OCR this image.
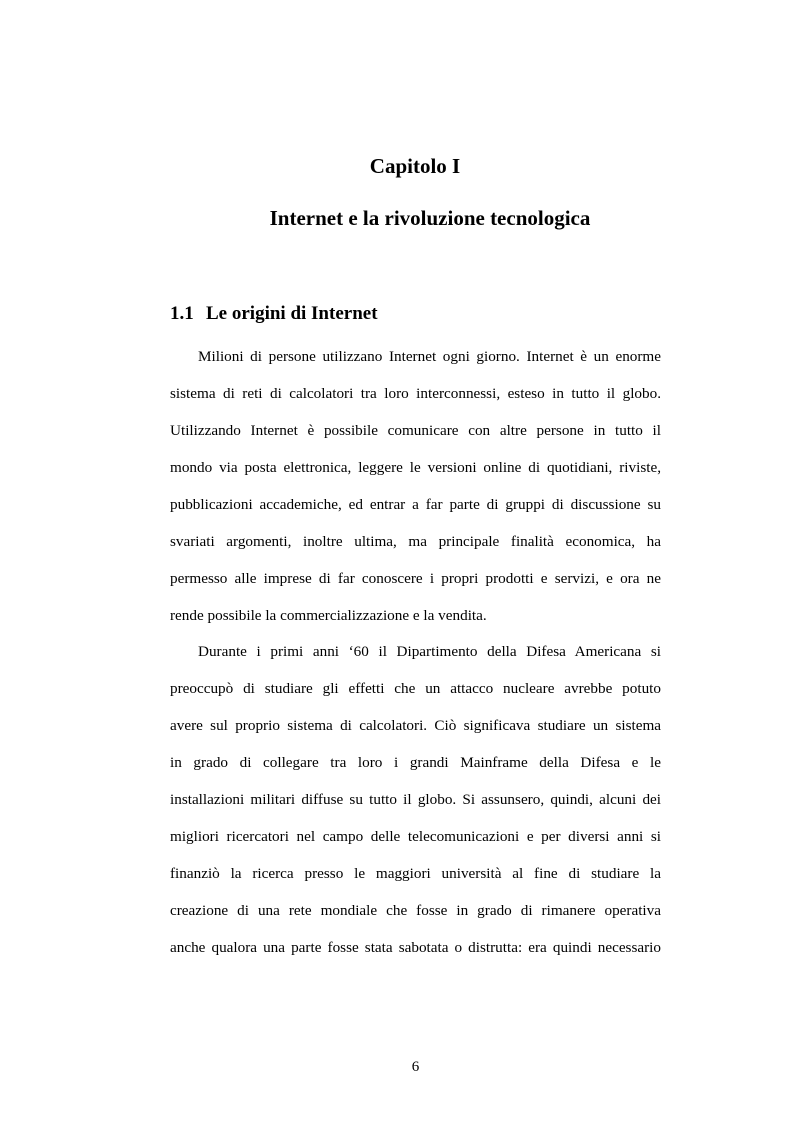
Capitolo I
Internet e la rivoluzione tecnologica
1.1 Le origini di Internet
Milioni di persone utilizzano Internet ogni giorno. Internet è un enorme
sistema di reti di calcolatori tra loro interconnessi, esteso in tutto il globo.
Utilizzando Internet è possibile comunicare con altre persone in tutto il
mondo via posta elettronica, leggere le versioni online di quotidiani, riviste,
pubblicazioni accademiche, ed entrar a far parte di gruppi di discussione su
svariati argomenti, inoltre ultima, ma principale finalità economica, ha
permesso alle imprese di far conoscere i propri prodotti e servizi, e ora ne
rende possibile la commercializzazione e la vendita.
Durante i primi anni ‘60 il Dipartimento della Difesa Americana si
preoccupò di studiare gli effetti che un attacco nucleare avrebbe potuto
avere sul proprio sistema di calcolatori. Ciò significava studiare un sistema
in grado di collegare tra loro i grandi Mainframe della Difesa e le
installazioni militari diffuse su tutto il globo. Si assunsero, quindi, alcuni dei
migliori ricercatori nel campo delle telecomunicazioni e per diversi anni si
finanziò la ricerca presso le maggiori università al fine di studiare la
creazione di una rete mondiale che fosse in grado di rimanere operativa
anche qualora una parte fosse stata sabotata o distrutta: era quindi necessario
6
